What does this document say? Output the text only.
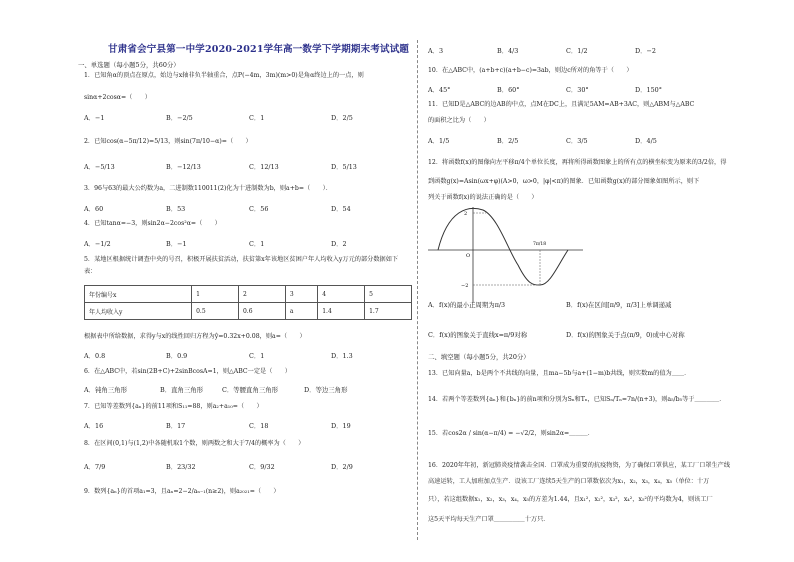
甘肃省会宁县第一中学2020-2021学年高一数学下学期期末考试试题
一、单选题（每小题5分，共60分）
1．已知角α的顶点在原点，始边与x轴非负半轴重合，点P(−4m，3m)(m>0)是角α终边上的一点，则
sinα+2cosα=（　　）
A．−1	B．−2/5	C．1	D．2/5
2．已知cos(α−5π/12)=5/13，则sin(7π/10−α)=（　　）
A．−5/13	B．−12/13	C．12/13	D．5/13
3．96与63的最大公约数为a，二进制数110011(2)化为十进制数为b，则a+b=（　　）．
A．60	B．53	C．56	D．54
4．已知tanα=−3，则sin2α−2cos²α=（　　）
A．−1/2	B．−1	C．1	D．2
5．某地区根据统计调查中央的号召，积极开展扶贫活动，扶贫第x年该地区贫困户年人均收入y万元的部分数据如下
表：
年份编号x	1	2	3	4	5
年人均收入y	0.5	0.6	a	1.4	1.7
根据表中所给数据，求得y与x的线性回归方程为ŷ=0.32x+0.08，则a=（　　）
A．0.8	B．0.9	C．1	D．1.3
6．在△ABC中，若sin(2B+C)+2sinBcosA=1，则△ABC一定是（　　）
A．钝角三角形	B．直角三角形	C．等腰直角三角形	D．等边三角形
7．已知等差数列{aₙ}的前11项和S₁₁=88，则a₂+a₁₀=（　　）
A．16	B．17	C．18	D．19
8．在区间(0,1)与(1,2)中各随机取1个数，则两数之和大于7/4的概率为（　　）
A．7/9	B．23/32	C．9/32	D．2/9
9．数列{aₙ}的首项a₁=3，且aₙ=2−2/aₙ₋₁(n≥2)，则a₂₀₂₁=（　　）
A．3	B．4/3	C．1/2	D．−2
10．在△ABC中，(a+b+c)(a+b−c)=3ab，则边c所对的角等于（　　）
A．45°	B．60°	C．30°	D．150°
11．已知D是△ABC的边AB的中点，点M在DC上，且满足5AM=AB+3AC，则△ABM与△ABC
的面积之比为（　　）
A．1/5	B．2/5	C．3/5	D．4/5
12．将函数f(x)的图像向左平移π/4个单位长度，再将所得函数图象上的所有点的横坐标变为原来的3/2倍，得
到函数g(x)=Asin(ωx+φ)(A>0，ω>0，|φ|<π)的图象．已知函数g(x)的部分图象如图所示，则下
列关于函数f(x)的说法正确的是（　　）
2
−2
7π/18
O
A．f(x)的最小正周期为π/3	B．f(x)在区间[π/9，π/3]上单调递减
C．f(x)的图象关于直线x=π/9对称	D．f(x)的图象关于点(π/9，0)成中心对称
二、填空题（每小题5分，共20分）
13．已知向量a，b是两个不共线的向量，且ma−5b与a+(1−m)b共线，则实数m的值为＿＿．
14．若两个等差数列{aₙ}和{bₙ}的前n项和分别为Sₙ和Tₙ，已知Sₙ/Tₙ=7n/(n+3)，则a₅/b₅等于＿＿＿＿．
15．若cos2α / sin(α−π/4) = −√2/2，则sin2α=＿＿＿．
16．2020年年初，新冠肺炎疫情袭击全国．口罩成为重要的抗疫物资，为了确保口罩供应，某工厂口罩生产线
高速运转，工人加班加点生产．设该工厂连续5天生产的口罩数依次为x₁，x₂，x₃，x₄，x₅（单位：十万
只），若这组数据x₁，x₂，x₃，x₄，x₅的方差为1.44，且x₁²，x₂²，x₃²，x₄²，x₅²的平均数为4，则该工厂
这5天平均每天生产口罩＿＿＿＿＿十万只．
